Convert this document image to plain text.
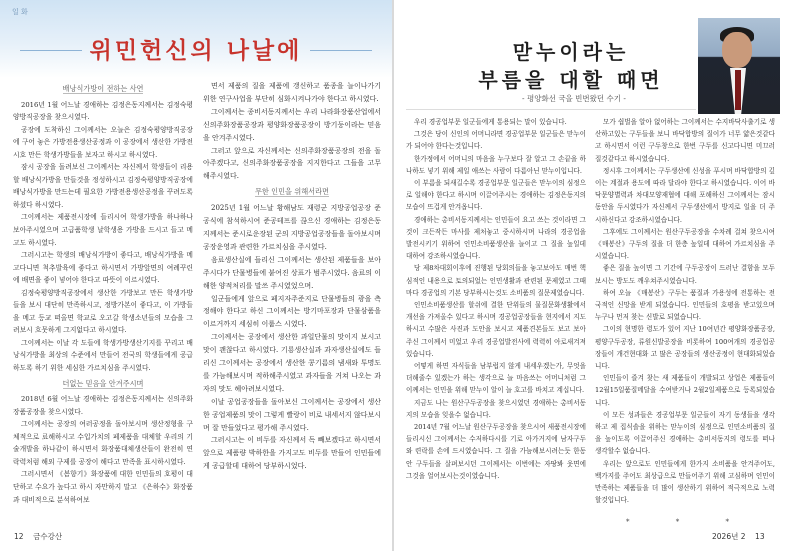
일 화
위민헌신의 나날에

배낭식가방이 전하는 사연

2016년 1월 어느날 경애하는 김정은동지께서는 김정숙평양방직공장을 찾으시였다.

공장에 도착하신 그이께서는 오늘은 김정숙평양방직공장에 구어 놓은 가방전용생산공정과 이 공장에서 생산한 가방전시호 만든 학생가방들을 보자고 하시고 하시였다.

잠시 공장을 돌려보신 그이께서는 자신께서 학생들이 리용할 배낭식가방을 만들것을 정성하시고 김정숙평양방직공장에 배낭식가방을 만드는데 필요한 가방전용생산공정을 꾸려도록 하셨다 하시였다.

그이께서는 제품전시장에 들리시여 학생가방을 하나하나 보아주시였으며 고급품학생 날학생용 가방을 드시고 들고 메고도 하시였다.

그러시고는 학생의 배낭식가방이 좋다고, 배낭식가방을 메고다니면 척추발육에 좋다고 하시면서 가방앞면의 여례꾸린에 배면을 좋이 넣어야 한다고 따뜻이 이르시였다.

김정숙평양방직공장에서 생산한 가방보고 만든 학생가방들을 보시 대단히 만족하시고, 정방가본이 좋다고, 이 가방들을 메고 등교 떠올면 학교로 오고갈 학생소년들의 모습을 그려보시 흐뭇하게 그지없다고 하시였다.

그이께서는 이날 각 도들에 학생가방생산기지를 꾸리고 배낭식가방을 최상의 수준에서 만들어 전국의 학생들에게 공급하도록 하기 위한 세심한 가르치심을 주시였다.

더없는 믿음을 안겨주시며

2018년 6월 어느날 경애하는 김정은동지께서는 신의주화장품공장을 찾으시였다.

그이께서는 공장의 여러공정을 돌아보시며 생산정형을 구체적으로 료해하시고 수입가치의 페제품을 대체할 우리의 기술개발을 하나같이 하시면서 화장품대체생산들이 완전히 연락력처럼 해외 구제를 공장이 해다고 만족을 표시하시였다.

그러시면서 《봄향기》화장품에 대한 인민들의 호평이 대단하고 수요가 높다고 하시 자만하지 말고 《은하수》화장품과 대비적으로 분석하여보

면서 제품의 질을 제품에 갱신하고 품종을 늘이나가기 위한 연구사업을 부단히 심화시켜나가야 한다고 하시였다.

그이께서는 종비서동지께서는 우리 나라화장품산업에서 신의주화장품공장과 평양화장품공장이 방기둥이라는 믿음을 안겨주시였다.

그러고 앞으로 자신께서는 신의주화장품공장의 전을 돌아주겠다고, 신의주화장품공장을 지지한다고 그들을 고무해주시였다.

무한 인민을 위해서라면

2025년 1월 어느날 황해남도 재령군 지방공업공장 준공식에 참석하시여 준공테프를 끊으신 경애하는 김정은동지께서는 준시로운장된 군의 지방공업공장들을 돌아보시며 공장운영과 관련한 가르치심을 주시였다.

음료생산실에 들리신 그이께서는 생산된 제품들을 보아주시다가 단물병들에 붙여진 상표가 범주시였다. 음료의 이해한 양적처리를 말쓰 주시였었으며.

일군들에게 앞으로 페지자주준지로 단물병들의 광을 측정해야 한다고 하신 그이께서는 방기마포장과 단물삼품을 이르거까지 세심히 이룹스 시였다.

그이께서는 공장에서 생산한 과일단물의 맛이지 보시고 맛이 괜찮다고 하시였다. 기룡생산실과 과자생산실에도 들리신 그이께서는 공장에서 생산한 콩기름의 냄새와 투명도를 가늠해보시며 적하해주시였고 과자들을 거쳐 나오는 과자의 맛도 헤아려보시였다.

이날 공업공장들을 돌아보신 그이께서는 공장에서 생산한 공업제품의 맛이 그렇게 빨랑이 비로 내세서지 않다보시며 잘 만들었다고 평가해 주시였다.

그러시고는 이 비두를 자신께서 독 빼보겠다고 하시면서 앞으로 제품량 박하한을 가지고도 비두를 만들어 인민들에게 공급할데 대하여 당부하시었다.

12 금수강산
맏누이라는
부름을 대할 때면
- 평양화선 국을 빈번왔던 수기 -

우리 경공업부문 일군들에게 통용되는 말이 있습니다.

그것은 당이 신인의 어머니라면 경공업부문 일군들은 맏누이가 되어야 한다는것입니다.

한가정에서 어머니의 마음을 누구보다 잘 알고 그 손끝을 하나하도 넣기 위해 제일 애쓰는 사람이 다름아닌 맏누이입니다.

이 부름을 되새길수록 경공업부문 일군들은 맏누이의 심정으로 일해야 한다고 하시며 이끌어주시는 경애하는 김정은동지의 모습이 뜨겁게 안겨옵니다.

경애하는 총비서동지께서는 인민들이 요고 쓰는 것이라면 그것이 크든작든 마사를 제처놓고 중시하시며 나라의 경공업을 발전시키기 위하여 인민소비품생산을 늘이고 그 질을 높일데 대하여 강조하시였습니다.

당 제8차대회이후에 진행된 당회의들을 놓고보아도 매번 핵심적인 내용으로 토의되었는 인민생활과 관련된 문제였고 그때마다 경공업의 기본 당부하시는것도 소비품의 질문제였습니다.

인민소비품생산를 할쉬에 결한 단위들의 물질문화생활에서 개선을 가져올수 있다고 하시며 경공업공장들을 현지에서 지도하시고 수많은 사진과 도안을 보시고 제품견본들도 보고 보아 주신 그이께서 미었고 우리 경공업발전사에 력력히 아로새겨져있습니다.

어떻게 하면 자식들을 남부럽지 않게 내세우겠는가, 무엇을 더해줄수 있겠는가 하는 생각으로 늘 마음쓰는 어머니처럼 그이께서는 인민을 위해 맏누이 알이 늘 호고를 바치고 계십니다.

지금도 나는 원산구두공장을 찾으시였던 경애하는 총비서동지의 모습을 잊을수 없습니다.

2014년 7월 어느날 원산구두공장을 찾으시여 새품전시장에 들리시신 그이께서는 수저하다시를 기로 아가거지에 남자구두와 련락를 손에 드시였습니다. 그 질을 가늠해보시려는듯 한동안 구두들을 살펴보시던 그이께서는 이번에는 자땅봐 웃면에 그것을 얼어보시는것이였습니다.

모가 쉽벌을 알아 없어하는 그이께서는 수지바닥사출기로 생산하고있는 구두들을 보니 바닥합방의 질이가 너무 얇은것같다고 하시면서 이런 구두창으로 한번 구두를 신고다니면 미끄러질것같다고 하시였습니다.

정시후 그이께서는 구두생산에 신성을 푸시며 바닥합방의 깊이는 계절과 용도에 따라 달라야 한다고 하시였습니다. 이어 바닥문양별력과 차대모양재협에 대해 포해하신 그이께서는 잠시 동안을 두시였다가 자신께서 구두생산에서 방지로 일을 더 주시하신다고 강조하시였습니다.

그후에도 그이께서는 원산구두공장을 수차례 걸쳐 찾으시여 《매봉산》구두의 질을 더 한층 높일데 대하여 가르치심을 주시였습니다.

좋은 질을 높이면 그 기간에 구두공장이 드러난 결함을 모두 보시는 방도도 깨우쳐주시였습니다.

하여 오늘 《매봉산》구두는 품질과 가용성에 전통하는 전국적인 신망을 받게 되였습니다. 인민들의 호평을 받고있으며 누구나 먼저 찾는 신발로 되였습니다.

그이의 현명한 령도가 있어 지난 10여년간 평양화장품공장, 평양구두공장, 류원신발공장을 비롯하여 100여개의 경공업공장들이 개건현대화 고 많은 공장들의 생산공정이 현대화되었습니다.

인민들이 즐겨 찾는 새 제품들이 개발되고 상업은 제품들이 12월15일품질메달을 수여받거나 2월2일제품으로 등록되었습니다.

이 모든 성과들은 경공업부문 일군들이 자기 동생들을 생각하고 제 집식솔을 위하는 맏누이의 심정으로 인민소비품의 질을 높이도록 이끌어주신 경애하는 총비서동지의 령도를 떠나 생각할수 없습니다.

우리는 앞으로도 인민들에게 한가지 소비품을 안겨주어도, 백가지를 주어도 최상급으로 만들어주기 위해 고심하며 인민이 만족하는 제품들을 더 많이 생산하기 위하여 적극적으로 노력할것입니다.

* * *
2026년 2 13
